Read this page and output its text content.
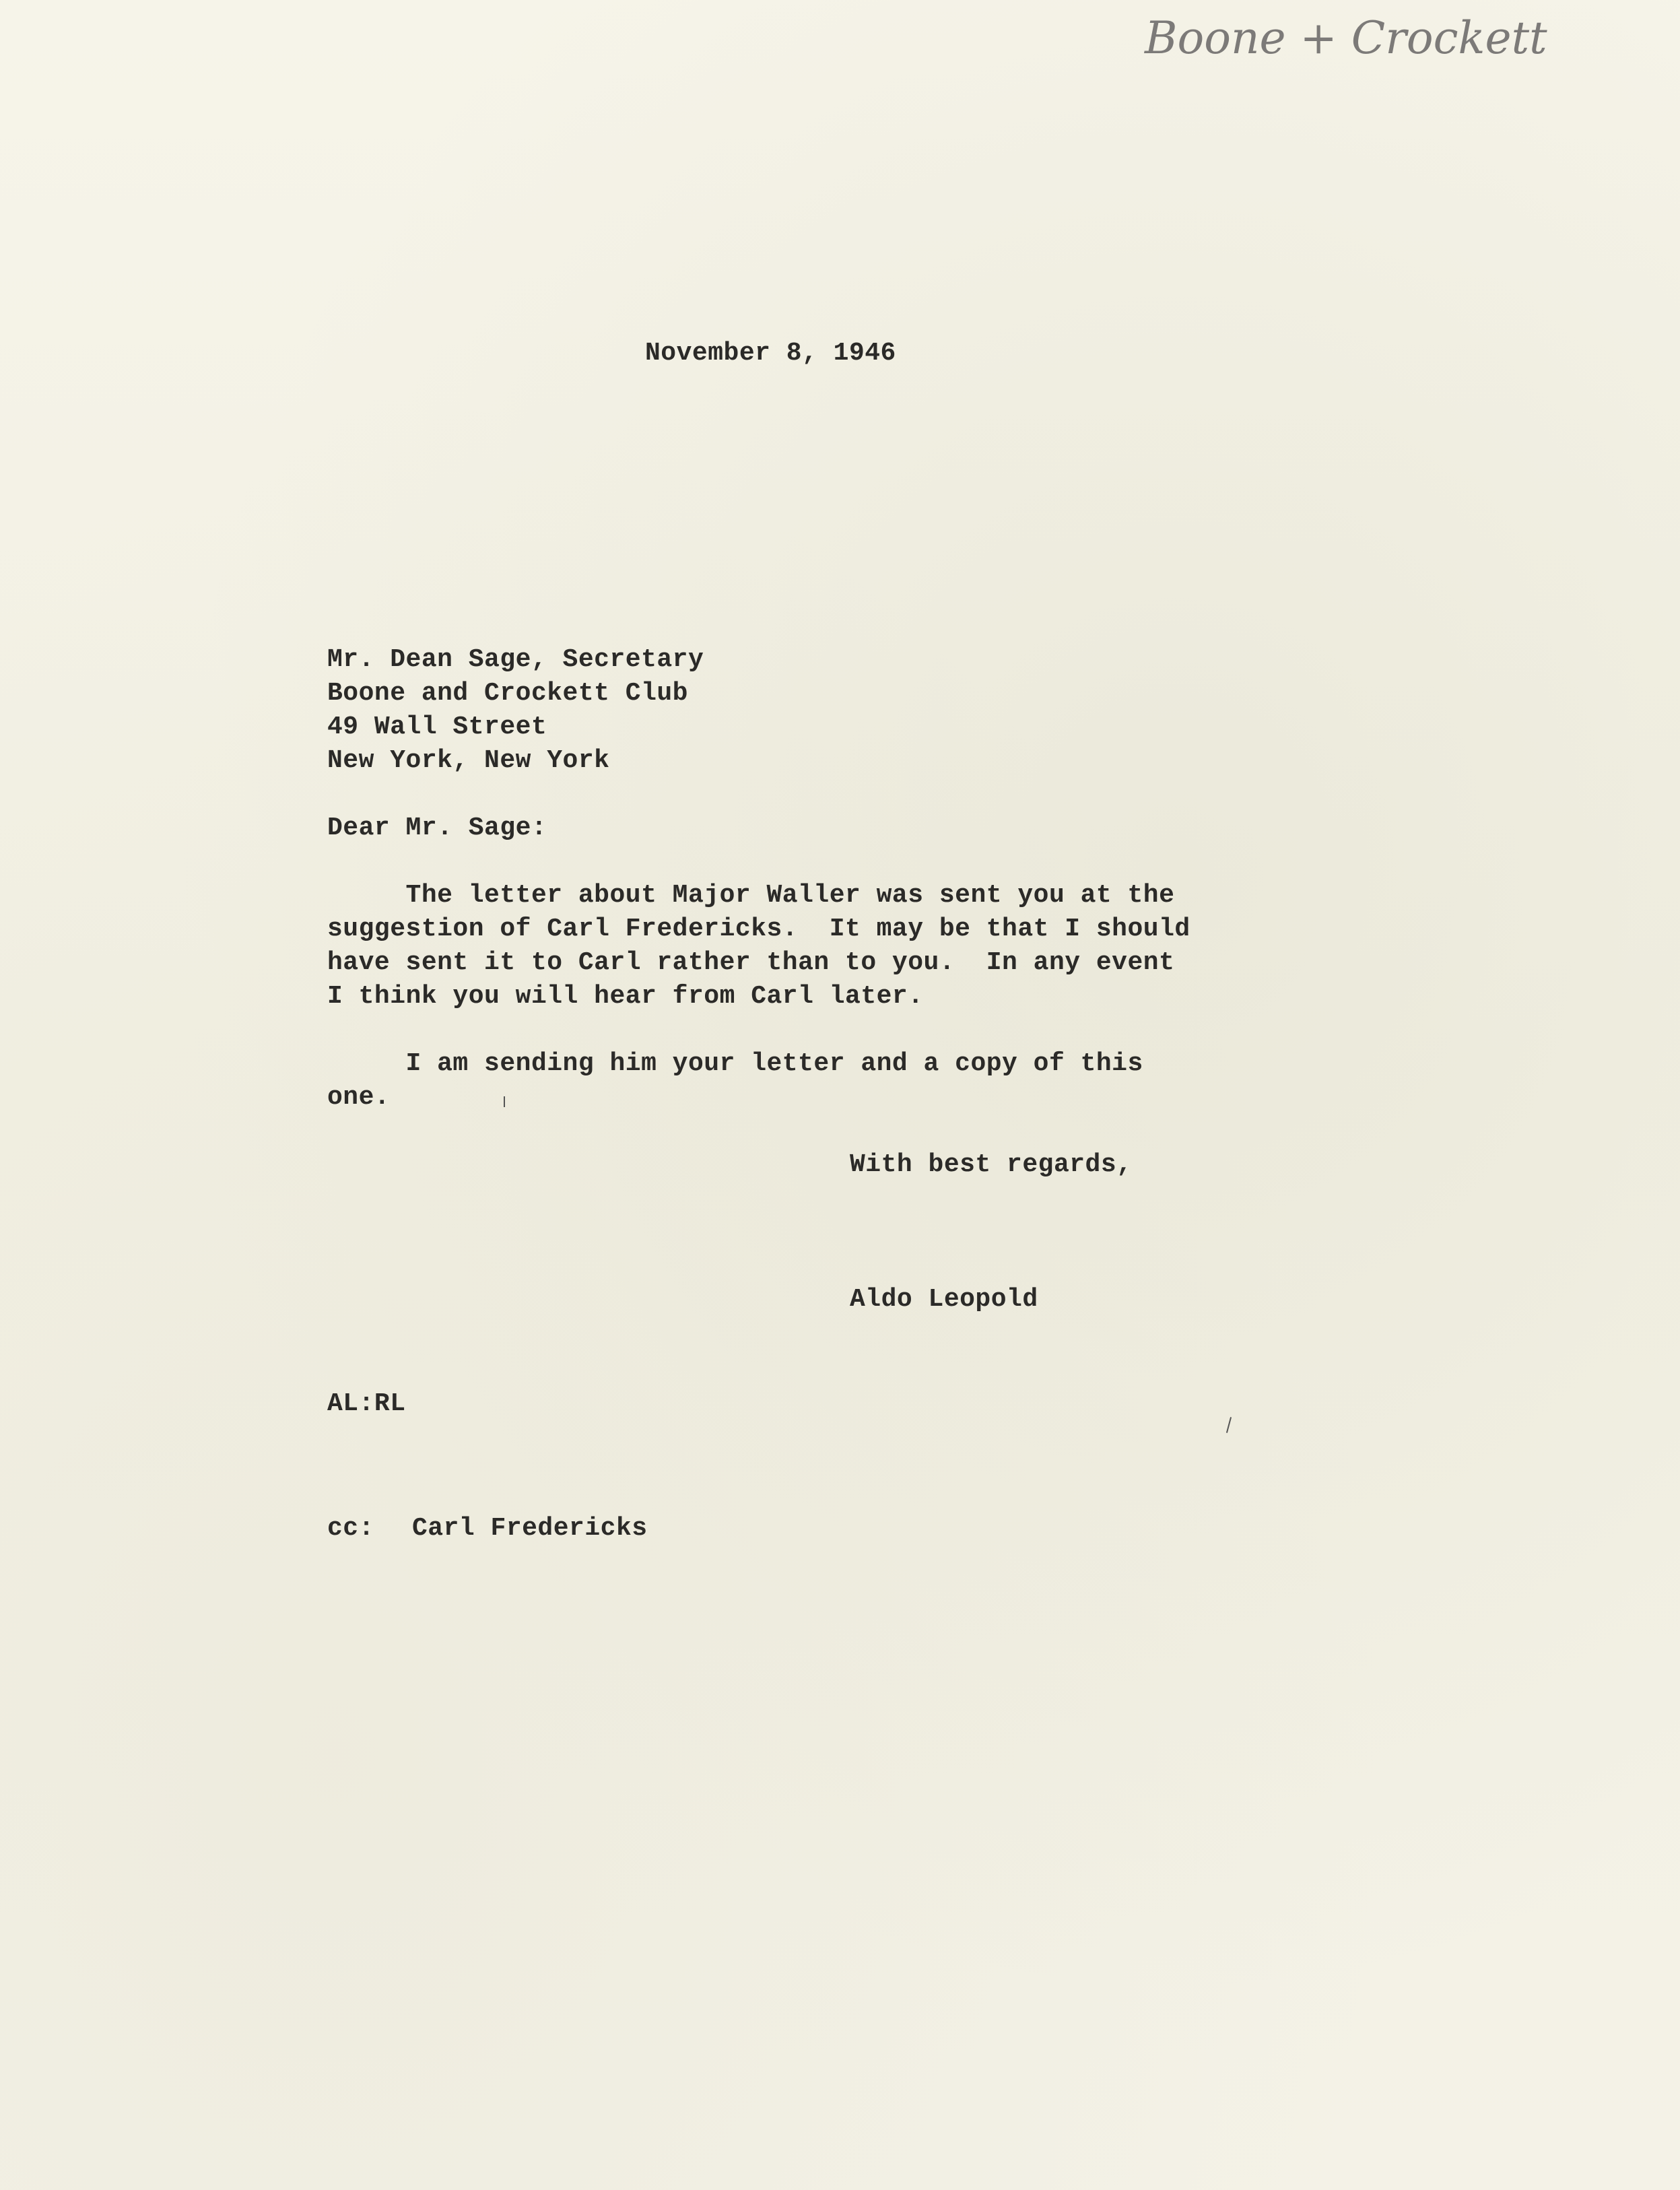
Boone + Crockett
November 8, 1946
Mr. Dean Sage, Secretary
Boone and Crockett Club
49 Wall Street
New York, New York
Dear Mr. Sage:
The letter about Major Waller was sent you at the
suggestion of Carl Fredericks.  It may be that I should
have sent it to Carl rather than to you.  In any event
I think you will hear from Carl later.
I am sending him your letter and a copy of this
one.
With best regards,
Aldo Leopold
AL:RL
cc: Carl Fredericks
